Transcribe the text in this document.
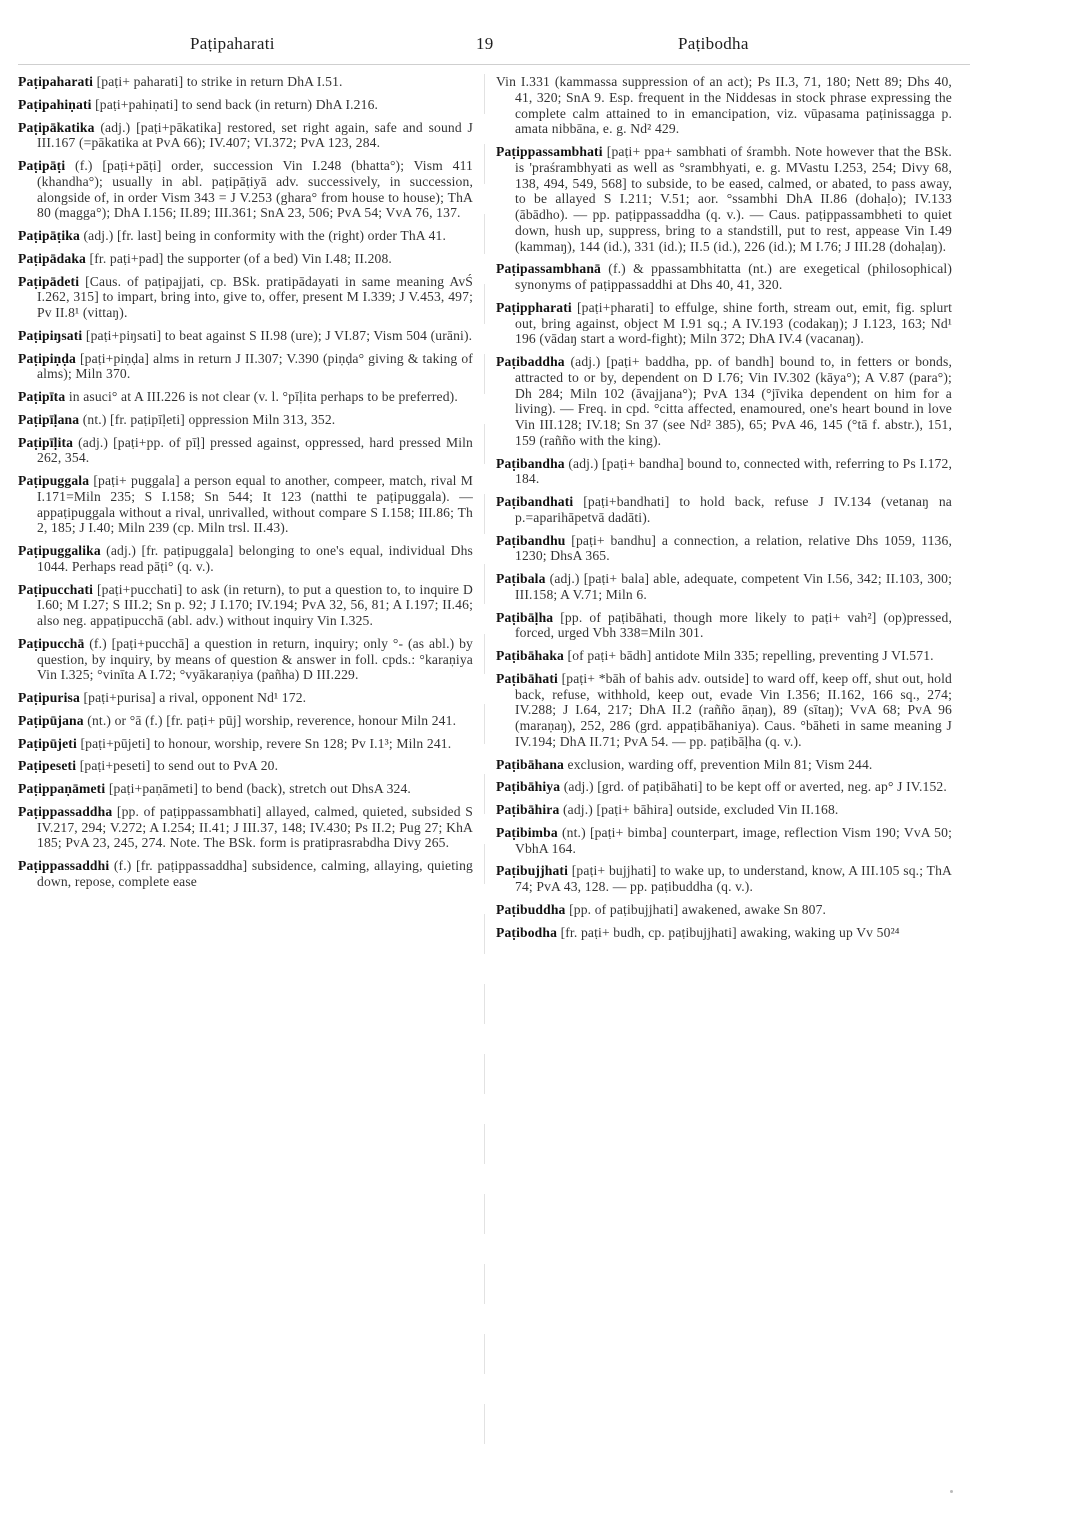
Paṭipaharati	19	Paṭibodha

Paṭipaharati [paṭi+ paharati] to strike in return DhA I.51.

Paṭipahiṇati [paṭi+pahiṇati] to send back (in return) DhA I.216.

Paṭipākatika (adj.) [paṭi+pākatika] restored, set right again, safe and sound J III.167 (=pākatika at PvA 66); IV.407; VI.372; PvA 123, 284.

Paṭipāṭi (f.) [paṭi+pāṭi] order, succession Vin I.248 (bhatta°); Vism 411 (khandha°); usually in abl. paṭipāṭiyā adv. successively, in succession, alongside of, in order Vism 343 = J V.253 (ghara° from house to house); ThA 80 (magga°); DhA I.156; II.89; III.361; SnA 23, 506; PvA 54; VvA 76, 137.

Paṭipāṭika (adj.) [fr. last] being in conformity with the (right) order ThA 41.

Paṭipādaka [fr. paṭi+pad] the supporter (of a bed) Vin I.48; II.208.

Paṭipādeti [Caus. of paṭipajjati, cp. BSk. pratipādayati in same meaning AvŚ I.262, 315] to impart, bring into, give to, offer, present M I.339; J V.453, 497; Pv II.8¹ (vittaŋ).

Paṭipiŋsati [paṭi+piŋsati] to beat against S II.98 (ure); J VI.87; Vism 504 (urāni).

Paṭipiṇḍa [paṭi+piṇḍa] alms in return J II.307; V.390 (piṇḍa° giving & taking of alms); Miln 370.

Paṭipīta in asuci° at A III.226 is not clear (v. l. °pīḷita perhaps to be preferred).

Paṭipīḷana (nt.) [fr. paṭipīḷeti] oppression Miln 313, 352.

Paṭipīḷita (adj.) [paṭi+pp. of pīḷ] pressed against, oppressed, hard pressed Miln 262, 354.

Paṭipuggala [paṭi+ puggala] a person equal to another, compeer, match, rival M I.171=Miln 235; S I.158; Sn 544; It 123 (natthi te paṭipuggala). — appaṭipuggala without a rival, unrivalled, without compare S I.158; III.86; Th 2, 185; J I.40; Miln 239 (cp. Miln trsl. II.43).

Paṭipuggalika (adj.) [fr. paṭipuggala] belonging to one's equal, individual Dhs 1044. Perhaps read pāṭi° (q. v.).

Paṭipucchati [paṭi+pucchati] to ask (in return), to put a question to, to inquire D I.60; M I.27; S III.2; Sn p. 92; J I.170; IV.194; PvA 32, 56, 81; A I.197; II.46; also neg. appaṭipucchā (abl. adv.) without inquiry Vin I.325.

Paṭipucchā (f.) [paṭi+pucchā] a question in return, inquiry; only °- (as abl.) by question, by inquiry, by means of question & answer in foll. cpds.: °karaṇiya Vin I.325; °vinīta A I.72; °vyākaraṇiya (pañha) D III.229.

Paṭipurisa [paṭi+purisa] a rival, opponent Nd¹ 172.

Paṭipūjana (nt.) or °ā (f.) [fr. paṭi+ pūj] worship, reverence, honour Miln 241.

Paṭipūjeti [paṭi+pūjeti] to honour, worship, revere Sn 128; Pv I.1³; Miln 241.

Paṭipeseti [paṭi+peseti] to send out to PvA 20.

Paṭippaṇāmeti [paṭi+paṇāmeti] to bend (back), stretch out DhsA 324.

Paṭippassaddha [pp. of paṭippassambhati] allayed, calmed, quieted, subsided S IV.217, 294; V.272; A I.254; II.41; J III.37, 148; IV.430; Ps II.2; Pug 27; KhA 185; PvA 23, 245, 274. Note. The BSk. form is pratiprasrabdha Divy 265.

Paṭippassaddhi (f.) [fr. paṭippassaddha] subsidence, calming, allaying, quieting down, repose, complete ease

Vin I.331 (kammassa suppression of an act); Ps II.3, 71, 180; Nett 89; Dhs 40, 41, 320; SnA 9. Esp. frequent in the Niddesas in stock phrase expressing the complete calm attained to in emancipation, viz. vūpasama paṭinissagga p. amata nibbāna, e. g. Nd² 429.

Paṭippassambhati [paṭi+ ppa+ sambhati of śrambh. Note however that the BSk. is 'praśrambhyati as well as °srambhyati, e. g. MVastu I.253, 254; Divy 68, 138, 494, 549, 568] to subside, to be eased, calmed, or abated, to pass away, to be allayed S I.211; V.51; aor. °ssambhi DhA II.86 (dohaḷo); IV.133 (ābādho). — pp. paṭippassaddha (q. v.). — Caus. paṭippassambheti to quiet down, hush up, suppress, bring to a standstill, put to rest, appease Vin I.49 (kammaŋ), 144 (id.), 331 (id.); II.5 (id.), 226 (id.); M I.76; J III.28 (dohaḷaŋ).

Paṭipassambhanā (f.) & ppassambhitatta (nt.) are exegetical (philosophical) synonyms of paṭippassaddhi at Dhs 40, 41, 320.

Paṭippharati [paṭi+pharati] to effulge, shine forth, stream out, emit, fig. splurt out, bring against, object M I.91 sq.; A IV.193 (codakaŋ); J I.123, 163; Nd¹ 196 (vādaŋ start a word-fight); Miln 372; DhA IV.4 (vacanaŋ).

Paṭibaddha (adj.) [paṭi+ baddha, pp. of bandh] bound to, in fetters or bonds, attracted to or by, dependent on D I.76; Vin IV.302 (kāya°); A V.87 (para°); Dh 284; Miln 102 (āvajjana°); PvA 134 (°jīvika dependent on him for a living). — Freq. in cpd. °citta affected, enamoured, one's heart bound in love Vin III.128; IV.18; Sn 37 (see Nd² 385), 65; PvA 46, 145 (°tā f. abstr.), 151, 159 (rañño with the king).

Paṭibandha (adj.) [paṭi+ bandha] bound to, connected with, referring to Ps I.172, 184.

Paṭibandhati [paṭi+bandhati] to hold back, refuse J IV.134 (vetanaŋ na p.=aparihāpetvā dadāti).

Paṭibandhu [paṭi+ bandhu] a connection, a relation, relative Dhs 1059, 1136, 1230; DhsA 365.

Paṭibala (adj.) [paṭi+ bala] able, adequate, competent Vin I.56, 342; II.103, 300; III.158; A V.71; Miln 6.

Paṭibāḷha [pp. of paṭibāhati, though more likely to paṭi+ vah²] (op)pressed, forced, urged Vbh 338=Miln 301.

Paṭibāhaka [of paṭi+ bādh] antidote Miln 335; repelling, preventing J VI.571.

Paṭibāhati [paṭi+ *bāh of bahis adv. outside] to ward off, keep off, shut out, hold back, refuse, withhold, keep out, evade Vin I.356; II.162, 166 sq., 274; IV.288; J I.64, 217; DhA II.2 (rañño āṇaŋ), 89 (sītaŋ); VvA 68; PvA 96 (maraṇaŋ), 252, 286 (grd. appaṭibāhaniya). Caus. °bāheti in same meaning J IV.194; DhA II.71; PvA 54. — pp. paṭibāḷha (q. v.).

Paṭibāhana exclusion, warding off, prevention Miln 81; Vism 244.

Paṭibāhiya (adj.) [grd. of paṭibāhati] to be kept off or averted, neg. ap° J IV.152.

Paṭibāhira (adj.) [paṭi+ bāhira] outside, excluded Vin II.168.

Paṭibimba (nt.) [paṭi+ bimba] counterpart, image, reflection Vism 190; VvA 50; VbhA 164.

Paṭibujjhati [paṭi+ bujjhati] to wake up, to understand, know, A III.105 sq.; ThA 74; PvA 43, 128. — pp. paṭibuddha (q. v.).

Paṭibuddha [pp. of paṭibujjhati] awakened, awake Sn 807.

Paṭibodha [fr. paṭi+ budh, cp. paṭibujjhati] awaking, waking up Vv 50²⁴
